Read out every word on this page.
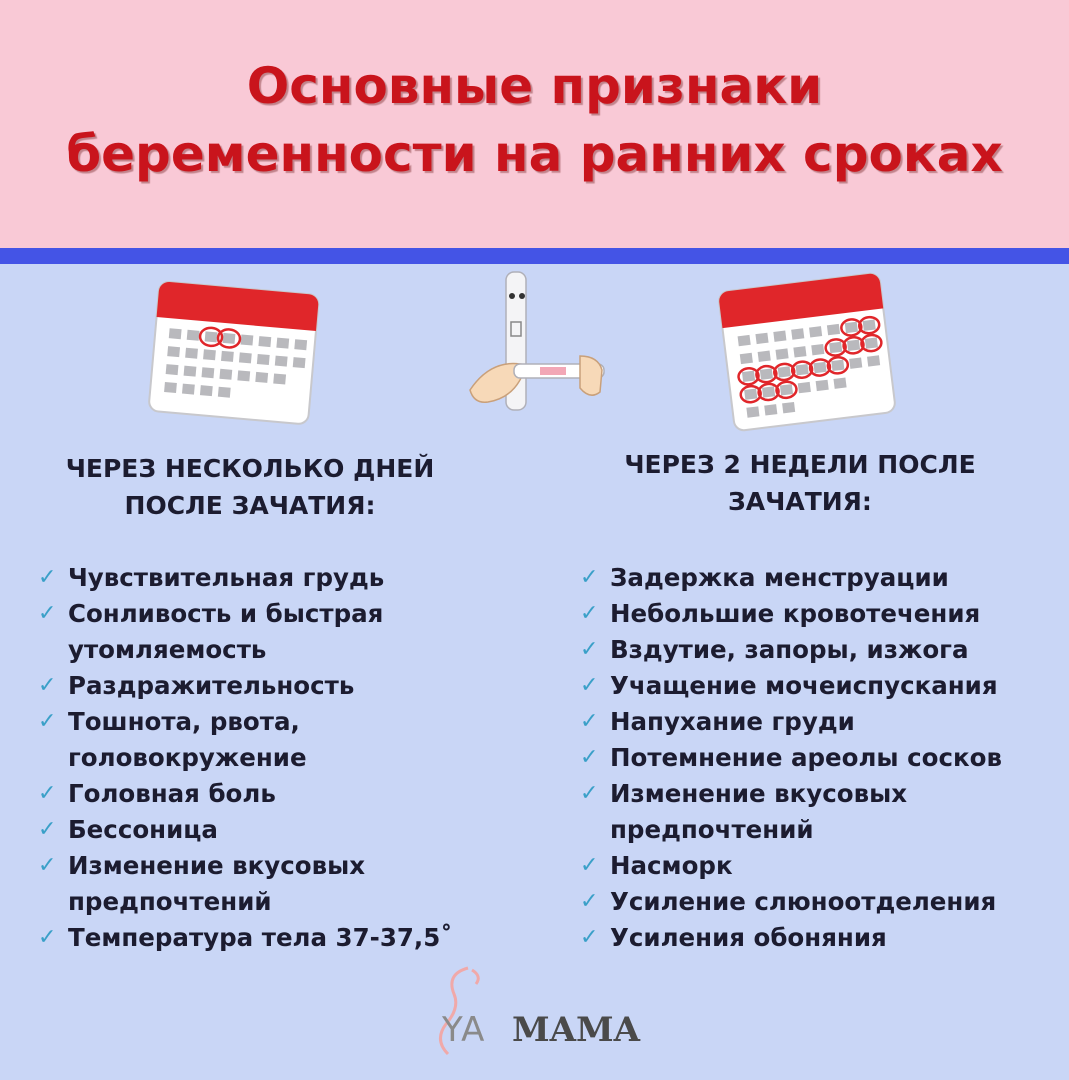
Основные признаки
беременности на ранних сроках
ЧЕРЕЗ НЕСКОЛЬКО ДНЕЙ
ПОСЛЕ ЗАЧАТИЯ:
✓ Чувствительная грудь
✓ Сонливость и быстрая
утомляемость
✓ Раздражительность
✓ Тошнота, рвота,
головокружение
✓ Головная боль
✓ Бессоница
✓ Изменение вкусовых
предпочтений
✓ Температура тела 37-37,5˚
ЧЕРЕЗ 2 НЕДЕЛИ ПОСЛЕ
ЗАЧАТИЯ:
✓ Задержка менструации
✓ Небольшие кровотечения
✓ Вздутие, запоры, изжога
✓ Учащение мочеиспускания
✓ Напухание груди
✓ Потемнение ареолы сосков
✓ Изменение вкусовых
предпочтений
✓ Насморк
✓ Усиление слюноотделения
✓ Усиления обоняния
YA MAMA
